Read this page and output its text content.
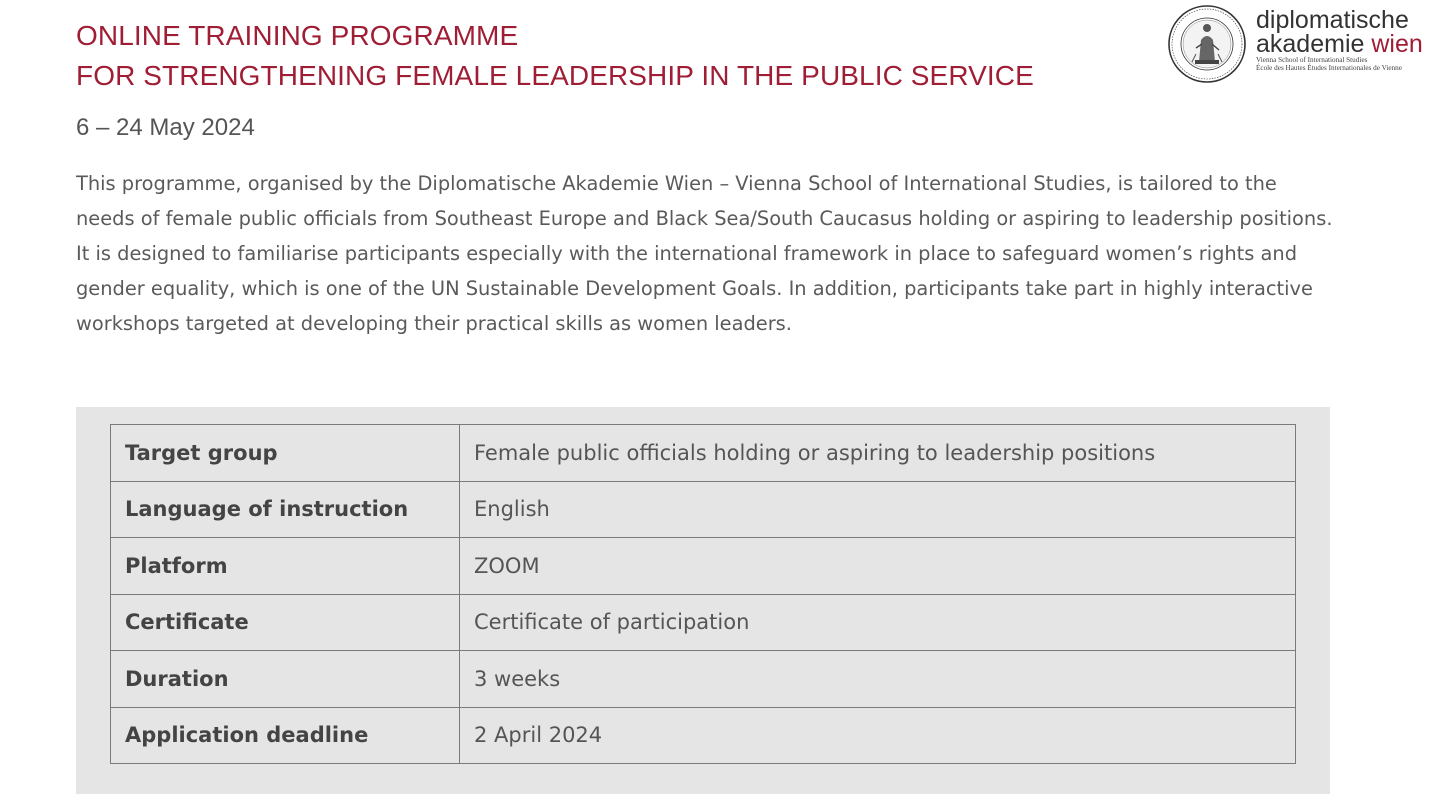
ONLINE TRAINING PROGRAMME
FOR STRENGTHENING FEMALE LEADERSHIP IN THE PUBLIC SERVICE
diplomatische
akademie wien
Vienna School of International Studies
École des Hautes Études Internationales de Vienne
6 – 24 May 2024

This programme, organised by the Diplomatische Akademie Wien – Vienna School of International Studies, is tailored to the needs of female public officials from Southeast Europe and Black Sea/South Caucasus holding or aspiring to leadership positions. It is designed to familiarise participants especially with the international framework in place to safeguard women’s rights and gender equality, which is one of the UN Sustainable Development Goals. In addition, participants take part in highly interactive workshops targeted at developing their practical skills as women leaders.

Target group	Female public officials holding or aspiring to leadership positions
Language of instruction	English
Platform	ZOOM
Certificate	Certificate of participation
Duration	3 weeks
Application deadline	2 April 2024
